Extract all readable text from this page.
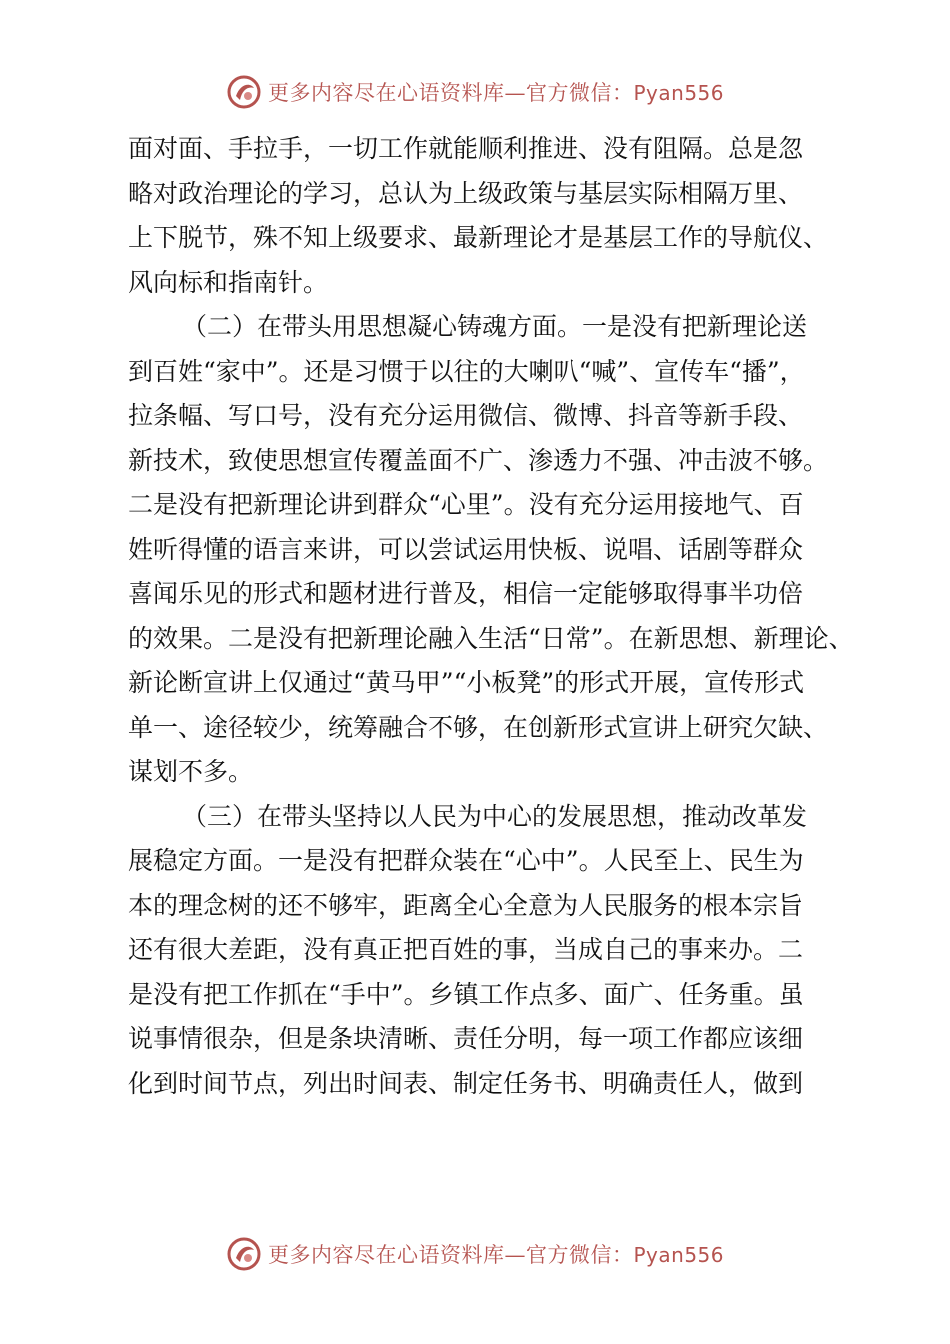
更多内容尽在心语资料库—官方微信：Pyan556

面对面、手拉手，一切工作就能顺利推进、没有阻隔。总是忽
略对政治理论的学习，总认为上级政策与基层实际相隔万里、
上下脱节，殊不知上级要求、最新理论才是基层工作的导航仪、
风向标和指南针。

（二）在带头用思想凝心铸魂方面。一是没有把新理论送
到百姓“家中”。还是习惯于以往的大喇叭“喊”、宣传车“播”，
拉条幅、写口号，没有充分运用微信、微博、抖音等新手段、
新技术，致使思想宣传覆盖面不广、渗透力不强、冲击波不够。
二是没有把新理论讲到群众“心里”。没有充分运用接地气、百
姓听得懂的语言来讲，可以尝试运用快板、说唱、话剧等群众
喜闻乐见的形式和题材进行普及，相信一定能够取得事半功倍
的效果。二是没有把新理论融入生活“日常”。在新思想、新理论、
新论断宣讲上仅通过“黄马甲”“小板凳”的形式开展，宣传形式
单一、途径较少，统筹融合不够，在创新形式宣讲上研究欠缺、
谋划不多。

（三）在带头坚持以人民为中心的发展思想，推动改革发
展稳定方面。一是没有把群众装在“心中”。人民至上、民生为
本的理念树的还不够牢，距离全心全意为人民服务的根本宗旨
还有很大差距，没有真正把百姓的事，当成自己的事来办。二
是没有把工作抓在“手中”。乡镇工作点多、面广、任务重。虽
说事情很杂，但是条块清晰、责任分明，每一项工作都应该细
化到时间节点，列出时间表、制定任务书、明确责任人，做到

更多内容尽在心语资料库—官方微信：Pyan556
